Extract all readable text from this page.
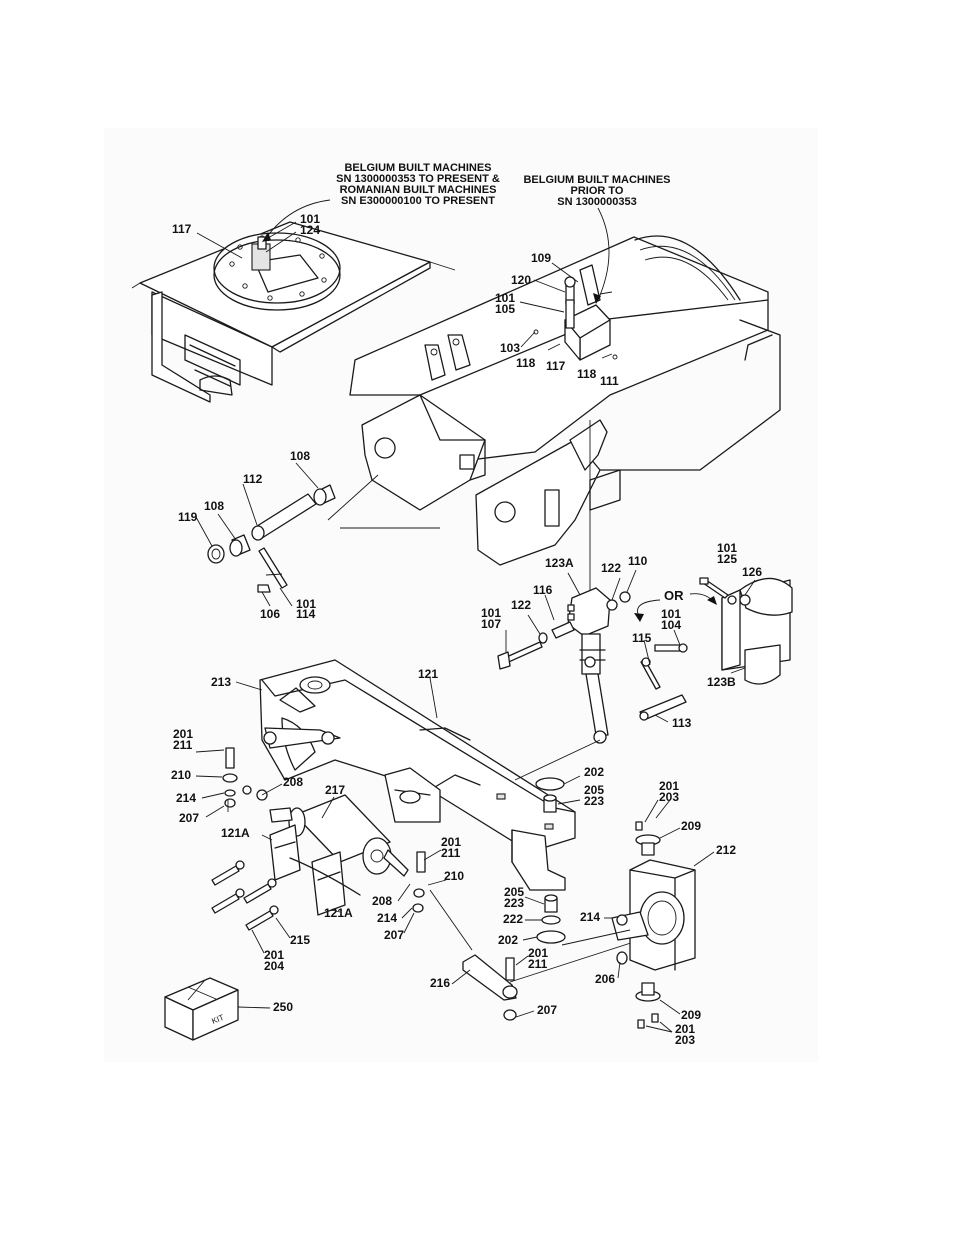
BELGIUM BUILT MACHINES
SN 1300000353 TO PRESENT &
ROMANIAN BUILT MACHINES
SN E300000100 TO PRESENT
BELGIUM BUILT MACHINES
PRIOR TO
SN 1300000353
OR
KIT
117
101
124
109
120
101
105
103
118 117
118 111
108
112
108
119
101
114
106
123A 122 110
101
125
126
116
101
107
122
101
104
115
123B
113
213
121
201
211
210	208
214
207
217
202
205
223
201
203
209
212
121A
201
211
210
208
214
207
121A
215
201
204
205
223
222
202
214
206
201
211
216
207	209
201
203
250
